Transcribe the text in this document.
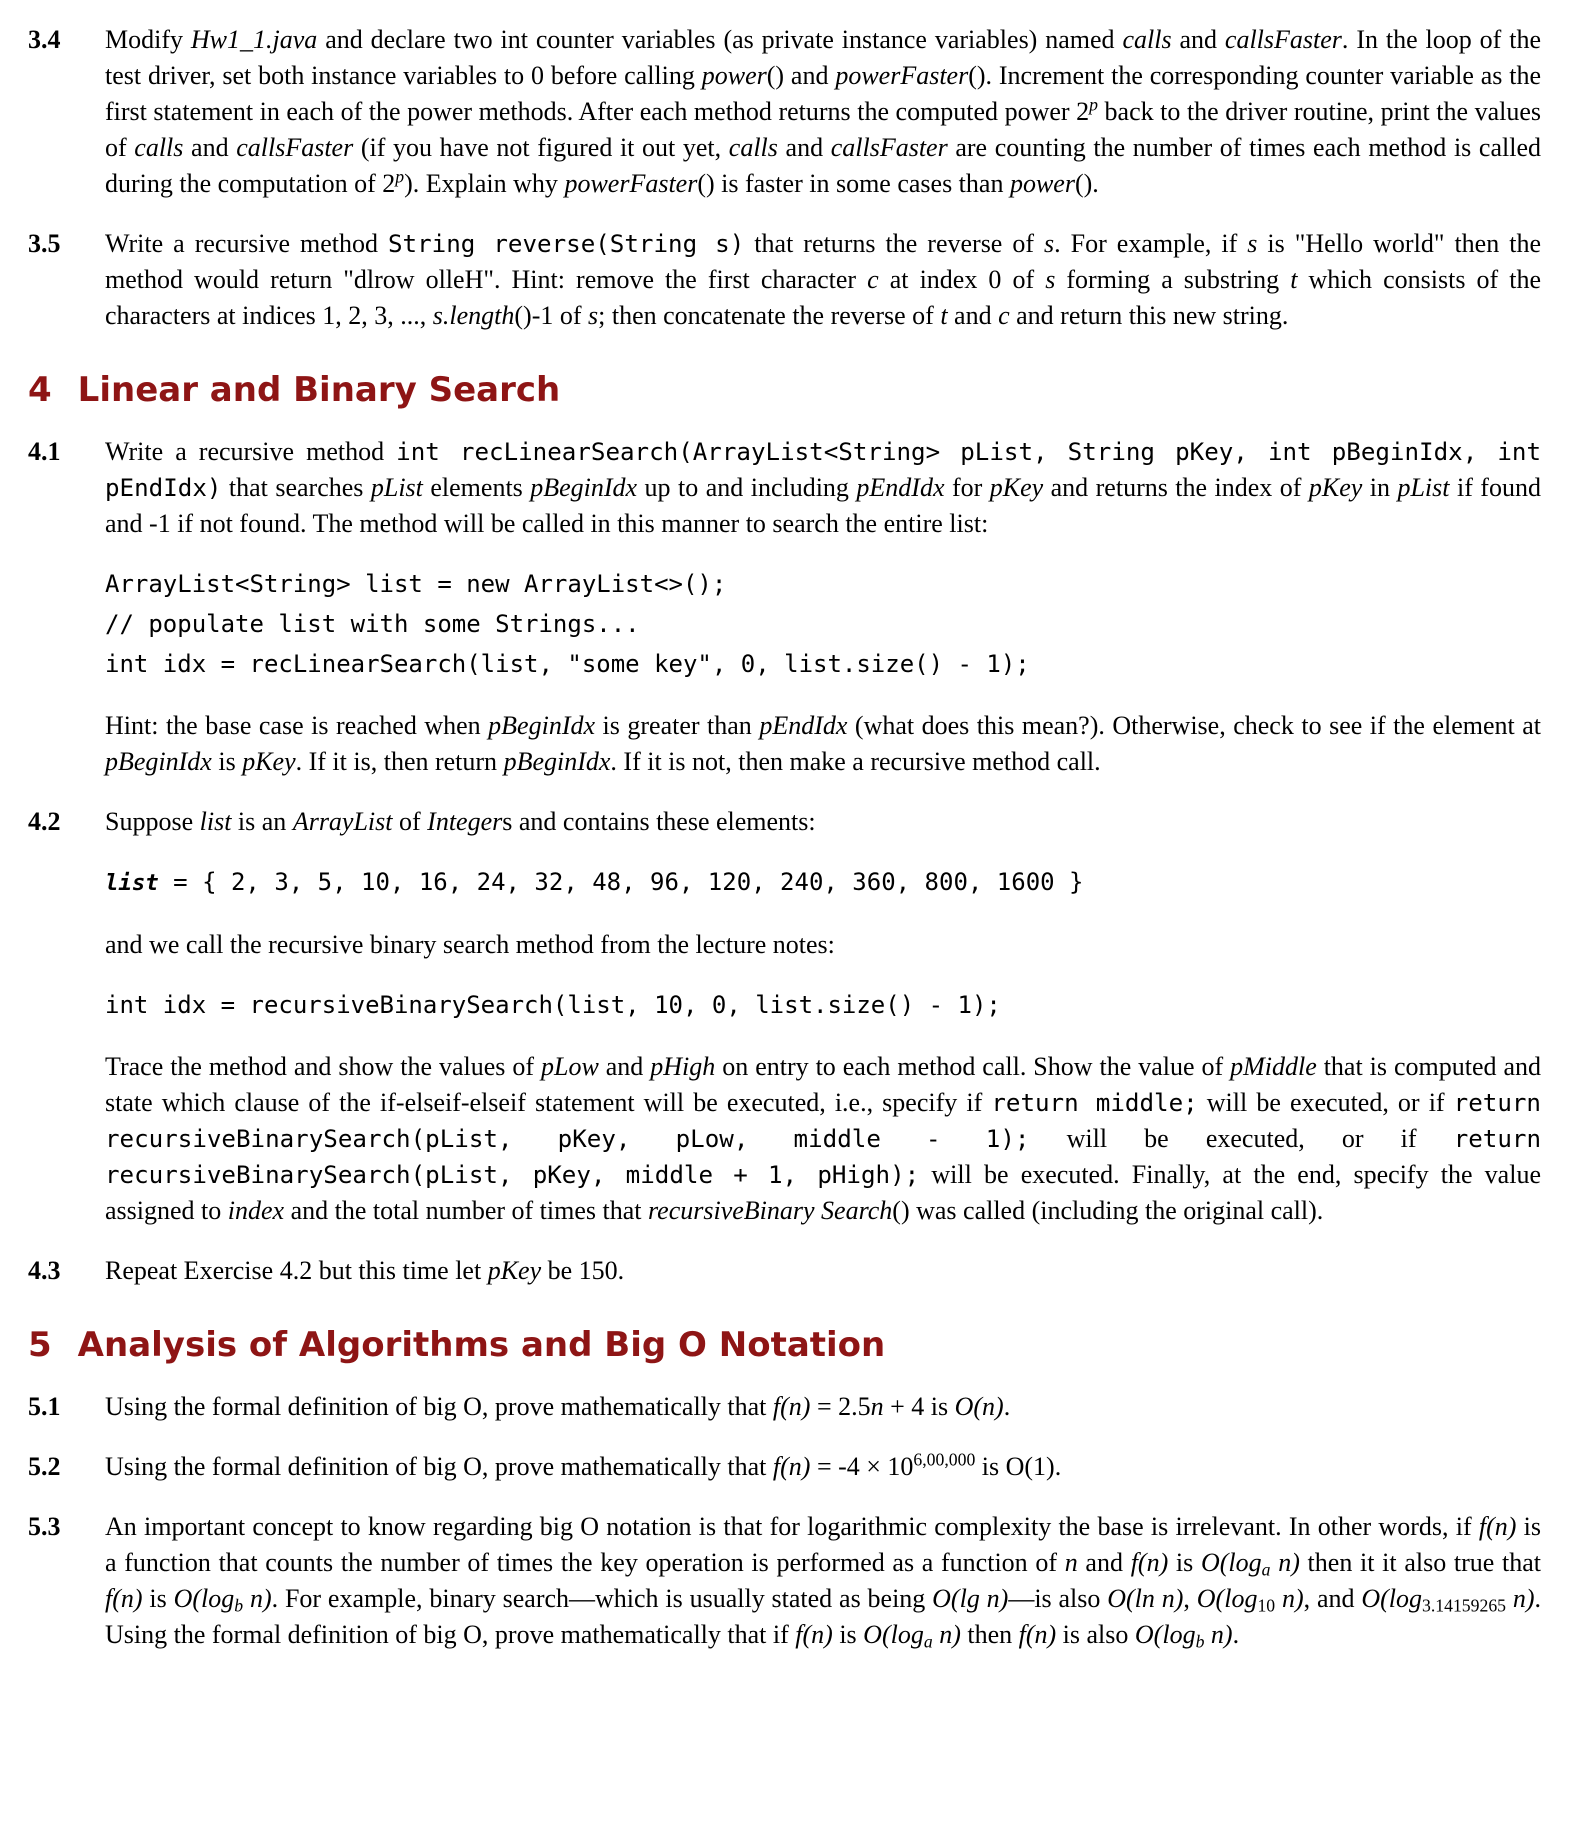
3.4	Modify Hw1_1.java and declare two int counter variables (as private instance variables) named calls and callsFaster. In the loop of the test driver, set both instance variables to 0 before calling power() and powerFaster(). Increment the corresponding counter variable as the first statement in each of the power methods. After each method returns the computed power 2$^p$ back to the driver routine, print the values of calls and callsFaster (if you have not figured it out yet, calls and callsFaster are counting the number of times each method is called during the computation of 2$^p$). Explain why powerFaster() is faster in some cases than power().
3.5	Write a recursive method String reverse(String s) that returns the reverse of s. For example, if s is "Hello world" then the method would return "dlrow olleH". Hint: remove the first character c at index 0 of s forming a substring t which consists of the characters at indices 1, 2, 3, ..., s.length()-1 of s; then concatenate the reverse of t and c and return this new string.
4 Linear and Binary Search
4.1	Write a recursive method int recLinearSearch(ArrayList<String> pList, String pKey, int pBeginIdx, int pEndIdx) that searches pList elements pBeginIdx up to and including pEndIdx for pKey and returns the index of pKey in pList if found and -1 if not found. The method will be called in this manner to search the entire list:
ArrayList<String> list = new ArrayList<>();
// populate list with some Strings...
int idx = recLinearSearch(list, "some key", 0, list.size() - 1);
Hint: the base case is reached when pBeginIdx is greater than pEndIdx (what does this mean?). Otherwise, check to see if the element at pBeginIdx is pKey. If it is, then return pBeginIdx. If it is not, then make a recursive method call.
4.2	Suppose list is an ArrayList of Integers and contains these elements:
list = { 2, 3, 5, 10, 16, 24, 32, 48, 96, 120, 240, 360, 800, 1600 }
and we call the recursive binary search method from the lecture notes:
int idx = recursiveBinarySearch(list, 10, 0, list.size() - 1);
Trace the method and show the values of pLow and pHigh on entry to each method call. Show the value of pMiddle that is computed and state which clause of the if-elseif-elseif statement will be executed, i.e., specify if return middle; will be executed, or if return recursiveBinarySearch(pList, pKey, pLow, middle - 1); will be executed, or if return recursiveBinarySearch(pList, pKey, middle + 1, pHigh); will be executed. Finally, at the end, specify the value assigned to index and the total number of times that recursiveBinary Search() was called (including the original call).
4.3	Repeat Exercise 4.2 but this time let pKey be 150.
5 Analysis of Algorithms and Big O Notation
5.1	Using the formal definition of big O, prove mathematically that f(n) = 2.5n + 4 is O(n).
5.2	Using the formal definition of big O, prove mathematically that $f(n) = -4 \times 10^{6,00,000}$ is O(1).
5.3	An important concept to know regarding big O notation is that for logarithmic complexity the base is irrelevant. In other words, if f(n) is a function that counts the number of times the key operation is performed as a function of n and f(n) is $O(\log_a$ n) then it it also true that f(n) is $O(\log_b$ n). For example, binary search—which is usually stated as being O(lg n)—is also O(ln n), $O(\log_{10}$ n), and $O(\log_{3.14159265}$ n). Using the formal definition of big O, prove mathematically that if f(n) is $O(\log_a$ n) then f(n) is also $O(\log_b$ n).
